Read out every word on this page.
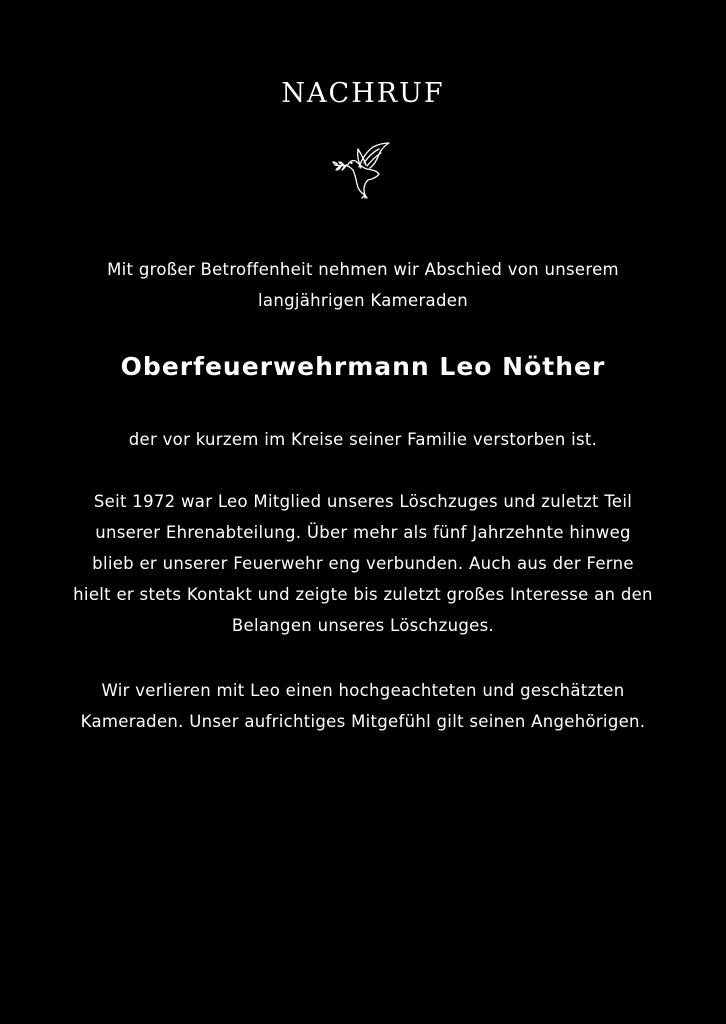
NACHRUF

Mit großer Betroffenheit nehmen wir Abschied von unserem
langjährigen Kameraden

Oberfeuerwehrmann Leo Nöther

der vor kurzem im Kreise seiner Familie verstorben ist.

Seit 1972 war Leo Mitglied unseres Löschzuges und zuletzt Teil
unserer Ehrenabteilung. Über mehr als fünf Jahrzehnte hinweg
blieb er unserer Feuerwehr eng verbunden. Auch aus der Ferne
hielt er stets Kontakt und zeigte bis zuletzt großes Interesse an den
Belangen unseres Löschzuges.

Wir verlieren mit Leo einen hochgeachteten und geschätzten
Kameraden. Unser aufrichtiges Mitgefühl gilt seinen Angehörigen.
